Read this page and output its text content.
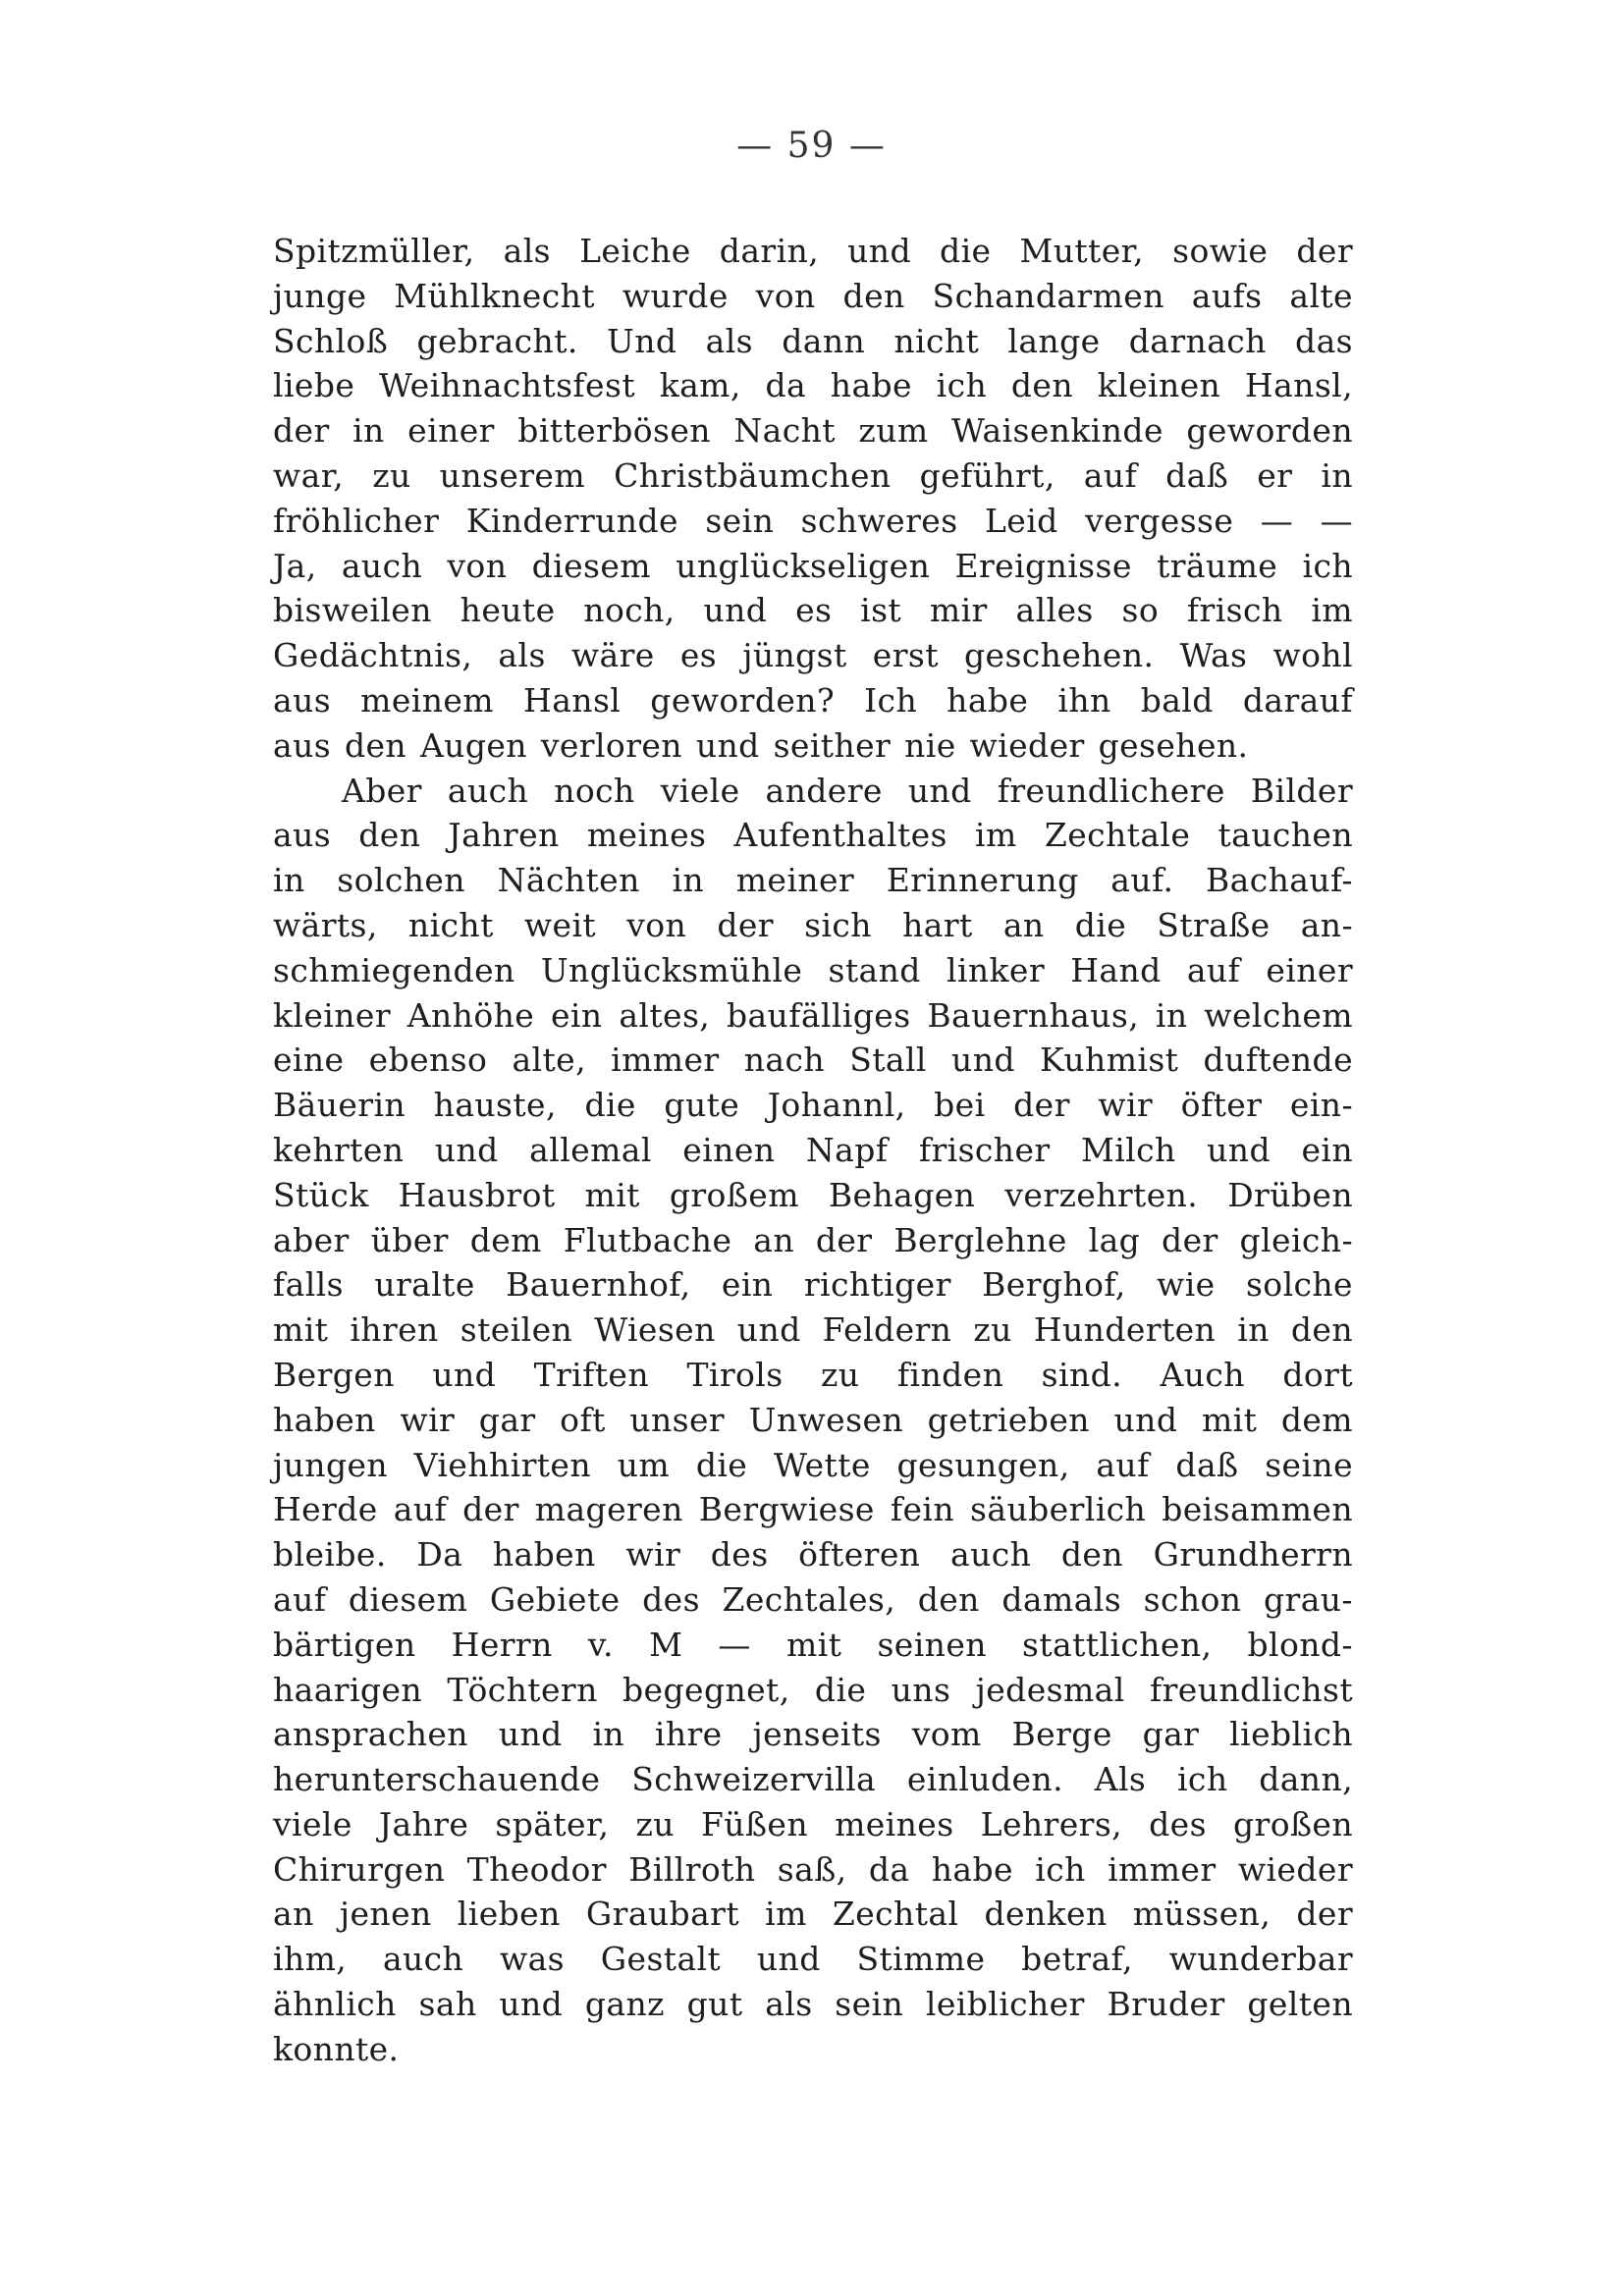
— 59 —
Spitzmüller, als Leiche darin, und die Mutter, sowie der
junge Mühlknecht wurde von den Schandarmen aufs alte
Schloß gebracht. Und als dann nicht lange darnach das
liebe Weihnachtsfest kam, da habe ich den kleinen Hansl,
der in einer bitterbösen Nacht zum Waisenkinde geworden
war, zu unserem Christbäumchen geführt, auf daß er in
fröhlicher Kinderrunde sein schweres Leid vergesse — —
Ja, auch von diesem unglückseligen Ereignisse träume ich
bisweilen heute noch, und es ist mir alles so frisch im
Gedächtnis, als wäre es jüngst erst geschehen. Was wohl
aus meinem Hansl geworden? Ich habe ihn bald darauf
aus den Augen verloren und seither nie wieder gesehen.
Aber auch noch viele andere und freundlichere Bilder
aus den Jahren meines Aufenthaltes im Zechtale tauchen
in solchen Nächten in meiner Erinnerung auf. Bachauf-
wärts, nicht weit von der sich hart an die Straße an-
schmiegenden Unglücksmühle stand linker Hand auf einer
kleiner Anhöhe ein altes, baufälliges Bauernhaus, in welchem
eine ebenso alte, immer nach Stall und Kuhmist duftende
Bäuerin hauste, die gute Johannl, bei der wir öfter ein-
kehrten und allemal einen Napf frischer Milch und ein
Stück Hausbrot mit großem Behagen verzehrten. Drüben
aber über dem Flutbache an der Berglehne lag der gleich-
falls uralte Bauernhof, ein richtiger Berghof, wie solche
mit ihren steilen Wiesen und Feldern zu Hunderten in den
Bergen und Triften Tirols zu finden sind. Auch dort
haben wir gar oft unser Unwesen getrieben und mit dem
jungen Viehhirten um die Wette gesungen, auf daß seine
Herde auf der mageren Bergwiese fein säuberlich beisammen
bleibe. Da haben wir des öfteren auch den Grundherrn
auf diesem Gebiete des Zechtales, den damals schon grau-
bärtigen Herrn v. M — mit seinen stattlichen, blond-
haarigen Töchtern begegnet, die uns jedesmal freundlichst
ansprachen und in ihre jenseits vom Berge gar lieblich
herunterschauende Schweizervilla einluden. Als ich dann,
viele Jahre später, zu Füßen meines Lehrers, des großen
Chirurgen Theodor Billroth saß, da habe ich immer wieder
an jenen lieben Graubart im Zechtal denken müssen, der
ihm, auch was Gestalt und Stimme betraf, wunderbar
ähnlich sah und ganz gut als sein leiblicher Bruder gelten
konnte.
